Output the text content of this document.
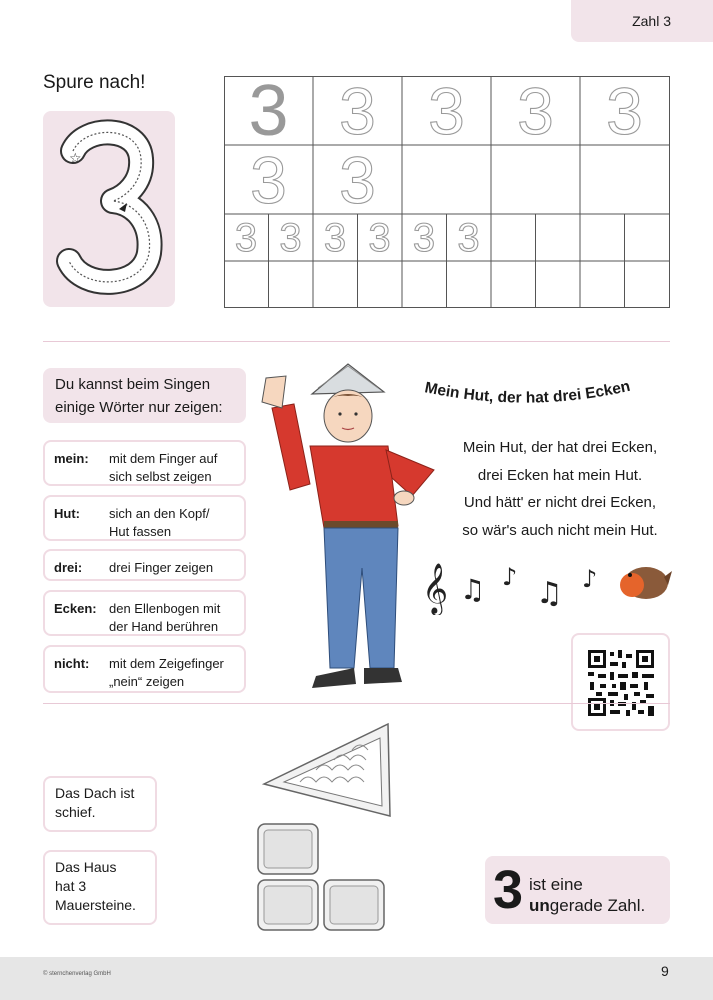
Zahl 3
Spure nach!
☆
3 3 3 3 3
3 3
3 3 3 3 3 3
Du kannst beim Singen
einige Wörter nur zeigen:
mein: mit dem Finger auf
sich selbst zeigen
Hut: sich an den Kopf/
Hut fassen
drei: drei Finger zeigen
Ecken: den Ellenbogen mit
der Hand berühren
nicht: mit dem Zeigefinger
„nein“ zeigen
Mein Hut, der hat drei Ecken
Mein Hut, der hat drei Ecken,
drei Ecken hat mein Hut.
Und hätt' er nicht drei Ecken,
so wär's auch nicht mein Hut.
𝄞 ♫ ♪ ♫ ♪
Das Dach ist
schief.
Das Haus
hat 3
Mauersteine.	3 ist eine
ungerade Zahl.
© sternchenverlag GmbH	9
